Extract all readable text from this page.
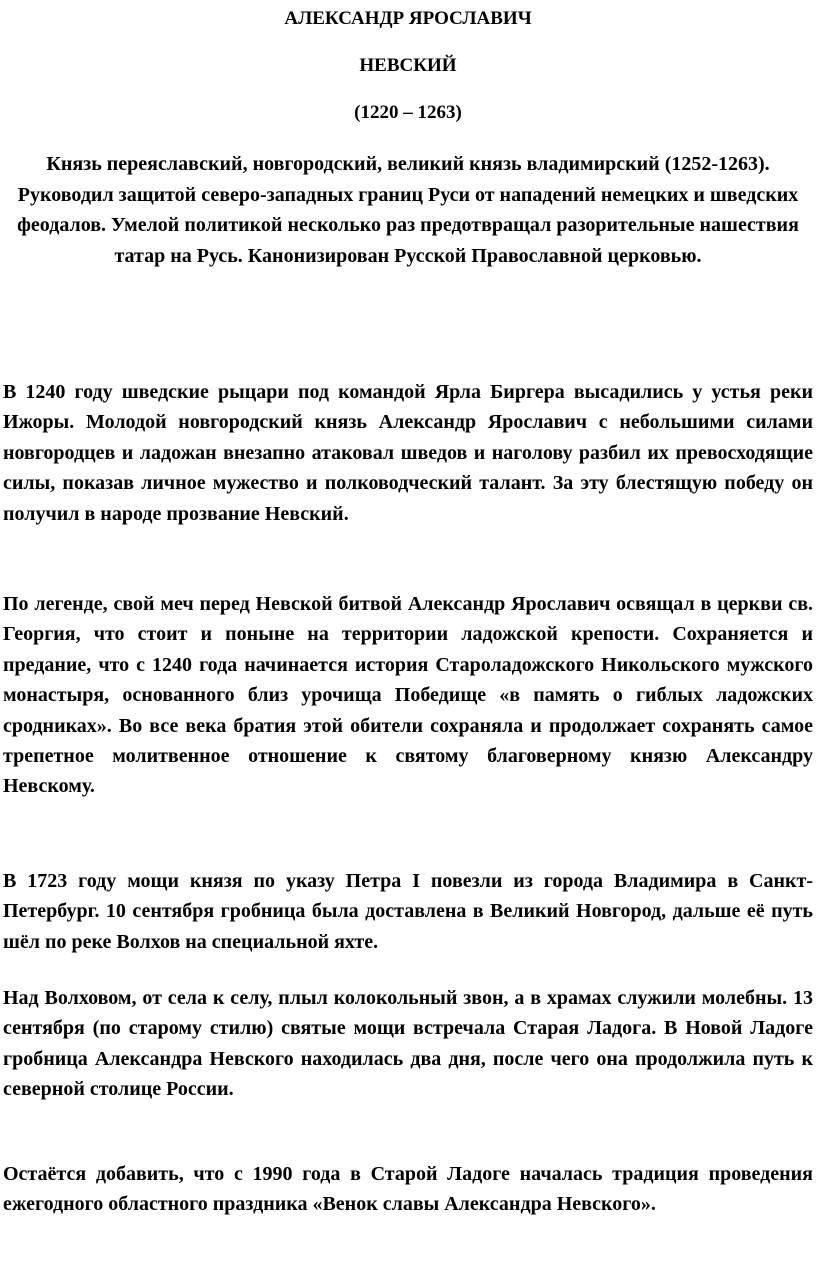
АЛЕКСАНДР ЯРОСЛАВИЧ

НЕВСКИЙ

(1220 – 1263)

Князь переяславский, новгородский, великий князь владимирский (1252-1263). Руководил защитой северо-западных границ Руси от нападений немецких и шведских феодалов. Умелой политикой несколько раз предотвращал разорительные нашествия татар на Русь. Канонизирован Русской Православной церковью.

В 1240 году шведские рыцари под командой Ярла Биргера высадились у устья реки Ижоры. Молодой новгородский князь Александр Ярославич с небольшими силами новгородцев и ладожан внезапно атаковал шведов и наголову разбил их превосходящие силы, показав личное мужество и полководческий талант. За эту блестящую победу он получил в народе прозвание Невский.

По легенде, свой меч перед Невской битвой Александр Ярославич освящал в церкви св. Георгия, что стоит и поныне на территории ладожской крепости. Сохраняется и предание, что с 1240 года начинается история Староладожского Никольского мужского монастыря, основанного близ урочища Победище «в память о гиблых ладожских сродниках». Во все века братия этой обители сохраняла и продолжает сохранять самое трепетное молитвенное отношение к святому благоверному князю Александру Невскому.

В 1723 году мощи князя по указу Петра I повезли из города Владимира в Санкт-Петербург. 10 сентября гробница была доставлена в Великий Новгород, дальше её путь шёл по реке Волхов на специальной яхте.

Над Волховом, от села к селу, плыл колокольный звон, а в храмах служили молебны. 13 сентября (по старому стилю) святые мощи встречала Старая Ладога. В Новой Ладоге гробница Александра Невского находилась два дня, после чего она продолжила путь к северной столице России.

Остаётся добавить, что с 1990 года в Старой Ладоге началась традиция проведения ежегодного областного праздника «Венок славы Александра Невского».
